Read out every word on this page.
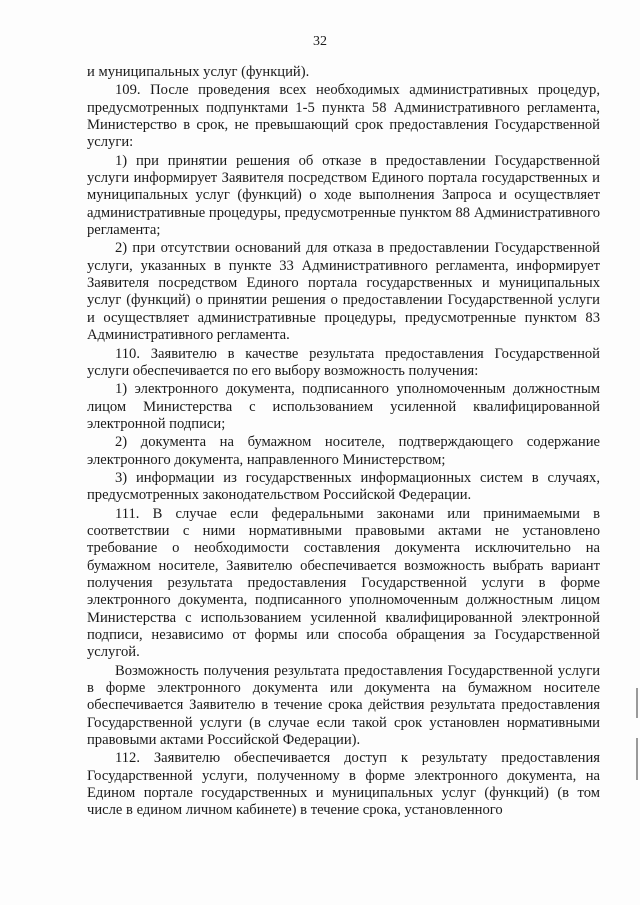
32

и муниципальных услуг (функций).

109. После проведения всех необходимых административных процедур, предусмотренных подпунктами 1-5 пункта 58 Административного регламента, Министерство в срок, не превышающий срок предоставления Государственной услуги:

1) при принятии решения об отказе в предоставлении Государственной услуги информирует Заявителя посредством Единого портала государственных и муниципальных услуг (функций) о ходе выполнения Запроса и осуществляет административные процедуры, предусмотренные пунктом 88 Административного регламента;

2) при отсутствии оснований для отказа в предоставлении Государственной услуги, указанных в пункте 33 Административного регламента, информирует Заявителя посредством Единого портала государственных и муниципальных услуг (функций) о принятии решения о предоставлении Государственной услуги и осуществляет административные процедуры, предусмотренные пунктом 83 Административного регламента.

110. Заявителю в качестве результата предоставления Государственной услуги обеспечивается по его выбору возможность получения:

1) электронного документа, подписанного уполномоченным должностным лицом Министерства с использованием усиленной квалифицированной электронной подписи;

2) документа на бумажном носителе, подтверждающего содержание электронного документа, направленного Министерством;

3) информации из государственных информационных систем в случаях, предусмотренных законодательством Российской Федерации.

111. В случае если федеральными законами или принимаемыми в соответствии с ними нормативными правовыми актами не установлено требование о необходимости составления документа исключительно на бумажном носителе, Заявителю обеспечивается возможность выбрать вариант получения результата предоставления Государственной услуги в форме электронного документа, подписанного уполномоченным должностным лицом Министерства с использованием усиленной квалифицированной электронной подписи, независимо от формы или способа обращения за Государственной услугой.

Возможность получения результата предоставления Государственной услуги в форме электронного документа или документа на бумажном носителе обеспечивается Заявителю в течение срока действия результата предоставления Государственной услуги (в случае если такой срок установлен нормативными правовыми актами Российской Федерации).

112. Заявителю обеспечивается доступ к результату предоставления Государственной услуги, полученному в форме электронного документа, на Едином портале государственных и муниципальных услуг (функций) (в том числе в едином личном кабинете) в течение срока, установленного
